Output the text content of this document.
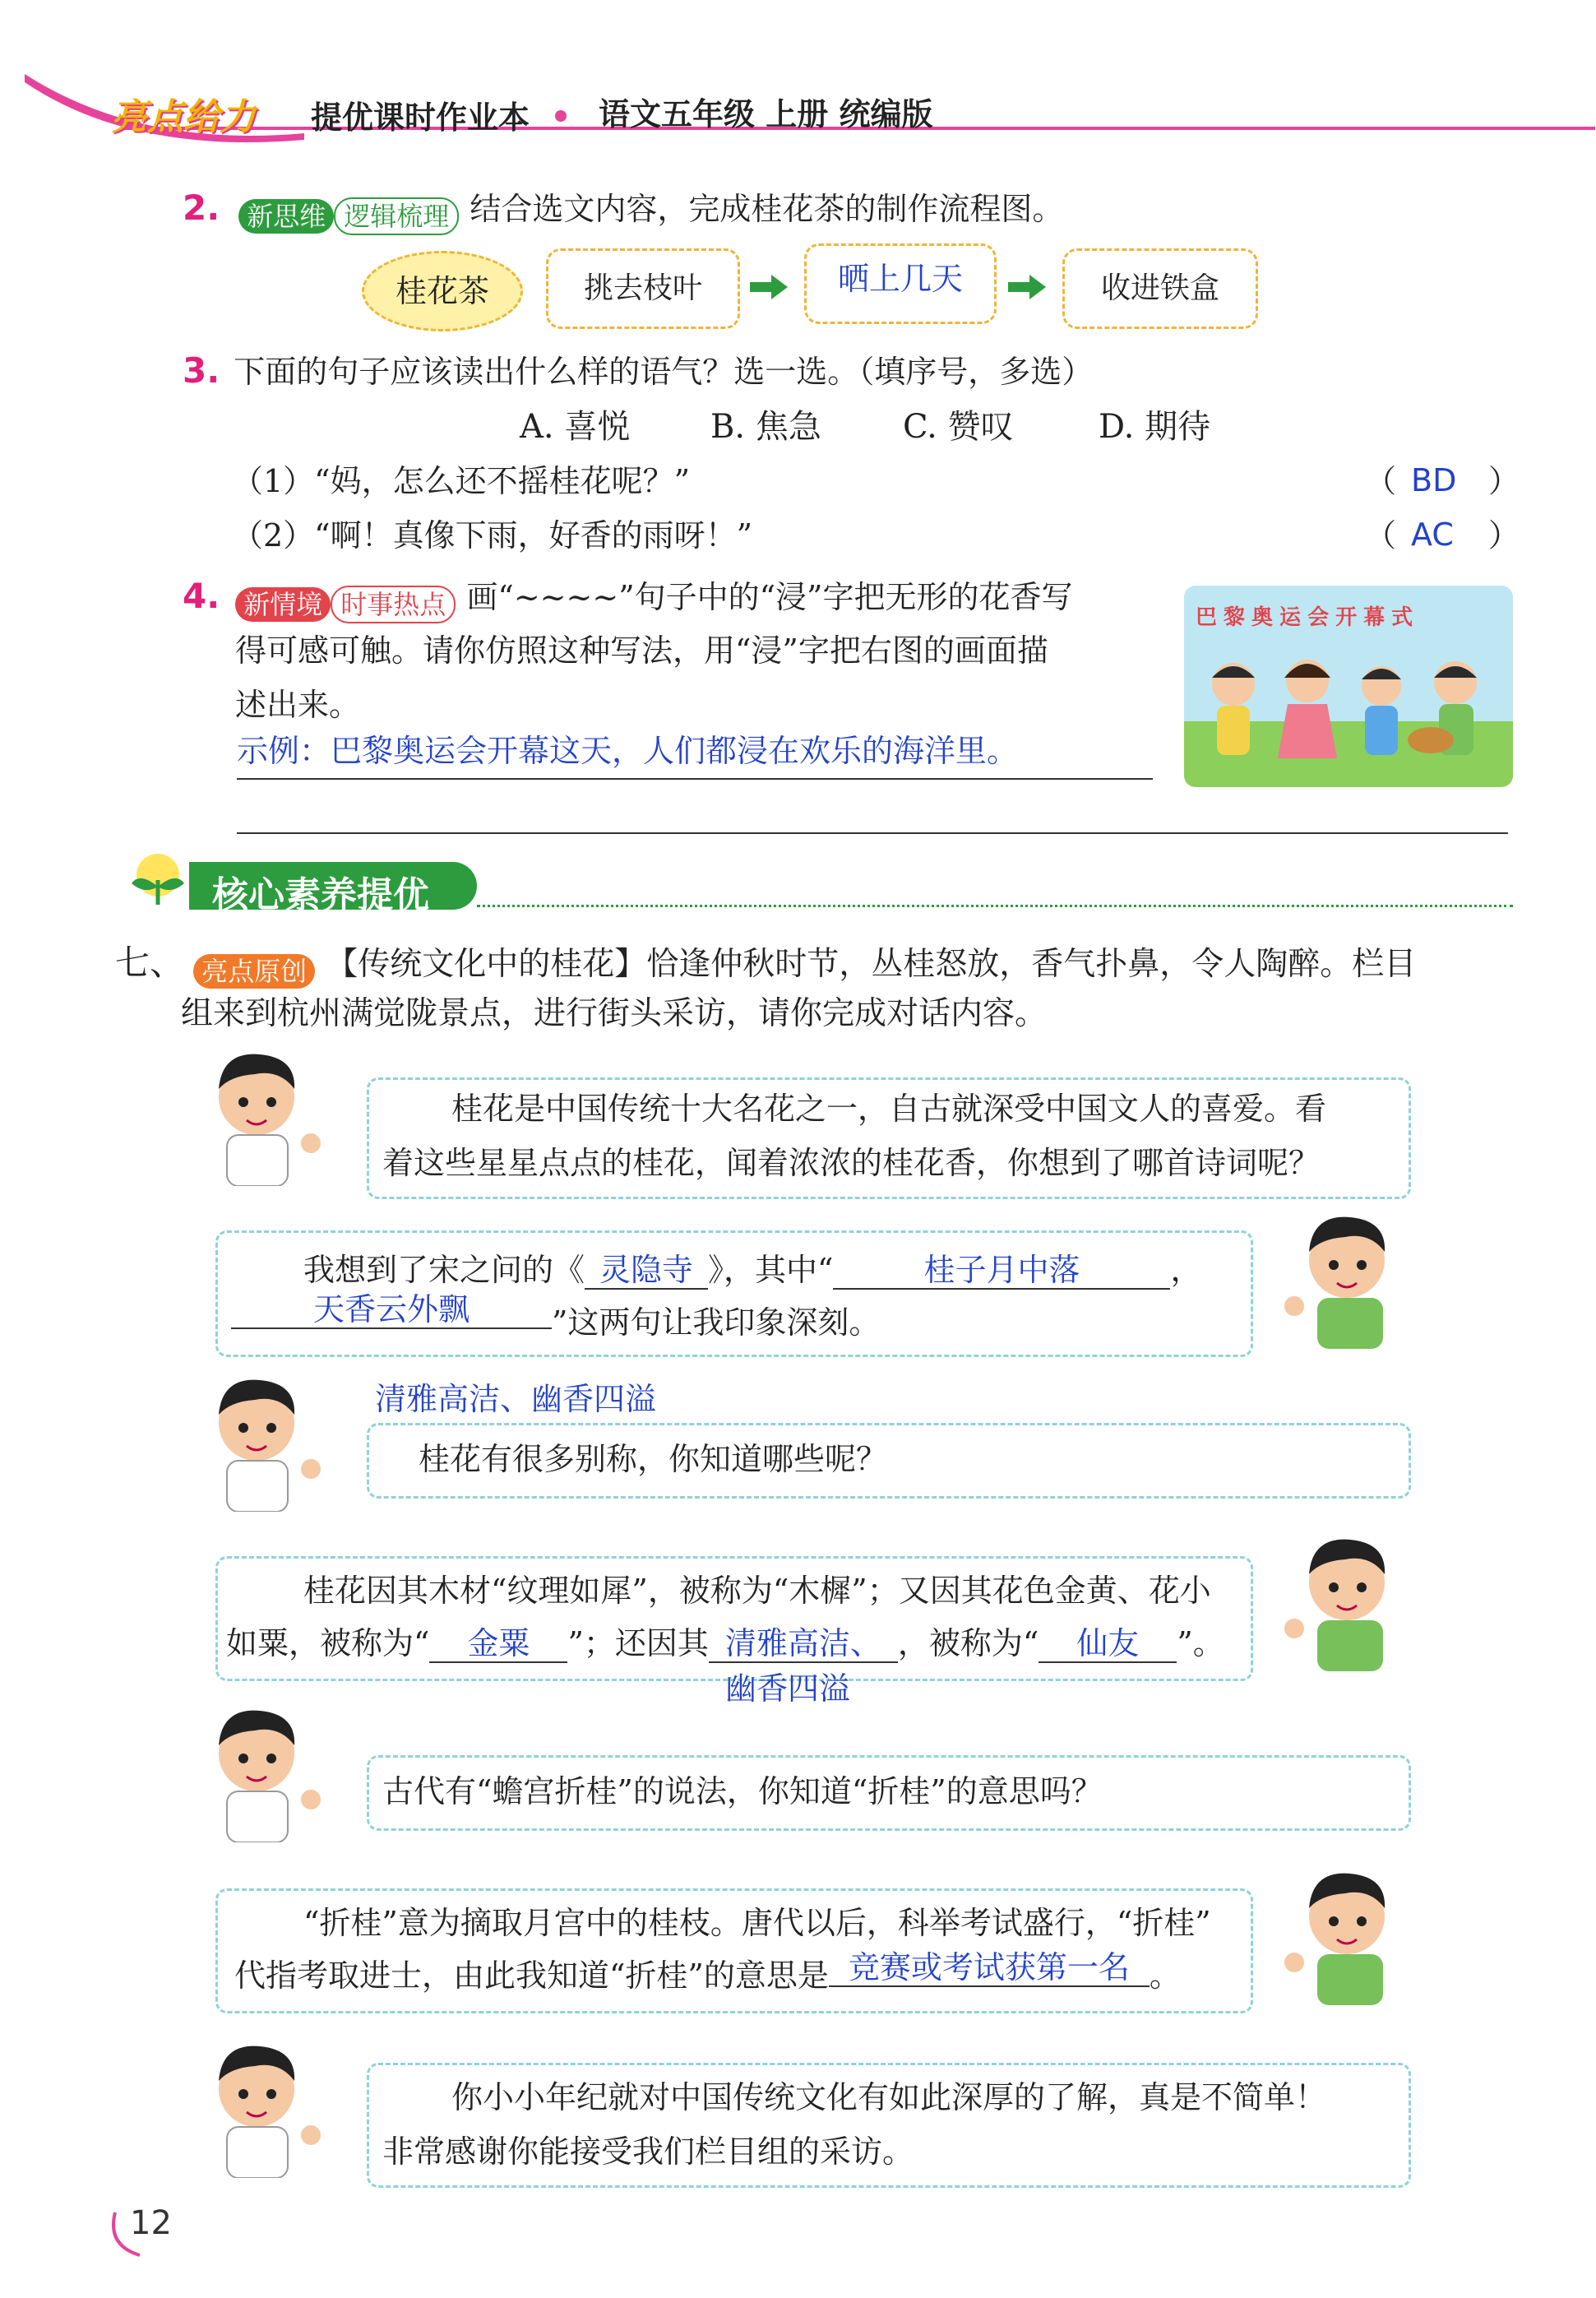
亮点给力 提优课时作业本 语文五年级 上册 统编版
2. 新思维 逻辑梳理 结合选文内容，完成桂花茶的制作流程图。
桂花茶	挑去枝叶	晒上几天	收进铁盒
3. 下面的句子应该读出什么样的语气？选一选。（填序号，多选）
A. 喜悦 B. 焦急 C. 赞叹	D. 期待
（1）“妈，怎么还不摇桂花呢？”	（ BD ）
（2）“啊！真像下雨，好香的雨呀！”	（ AC ）
4. 新情境 时事热点 画“~~~~”句子中的“浸”字把无形的花香写
得可感可触。请你仿照这种写法，用“浸”字把右图的画面描
述出来。
示例：巴黎奥运会开幕这天，人们都浸在欢乐的海洋里。
巴黎奥运会开幕式
核心素养提优
七、 亮点原创 【传统文化中的桂花】恰逢仲秋时节，丛桂怒放，香气扑鼻，令人陶醉。栏目
组来到杭州满觉陇景点，进行街头采访，请你完成对话内容。
桂花是中国传统十大名花之一，自古就深受中国文人的喜爱。看
着这些星星点点的桂花，闻着浓浓的桂花香，你想到了哪首诗词呢？
我想到了宋之问的《 灵隐寺 》，其中“	桂子月中落	，
天香云外飘	”这两句让我印象深刻。
清雅高洁、幽香四溢
桂花有很多别称，你知道哪些呢？
桂花因其木材“纹理如犀”，被称为“木樨”；又因其花色金黄、花小
如粟，被称为“ 金粟 ”；还因其 清雅高洁、 ，被称为“ 仙友 ”。
幽香四溢
古代有“蟾宫折桂”的说法，你知道“折桂”的意思吗？
“折桂”意为摘取月宫中的桂枝。唐代以后，科举考试盛行，“折桂”
代指考取进士，由此我知道“折桂”的意思是 竞赛或考试获第一名 。
你小小年纪就对中国传统文化有如此深厚的了解，真是不简单！
非常感谢你能接受我们栏目组的采访。
12
